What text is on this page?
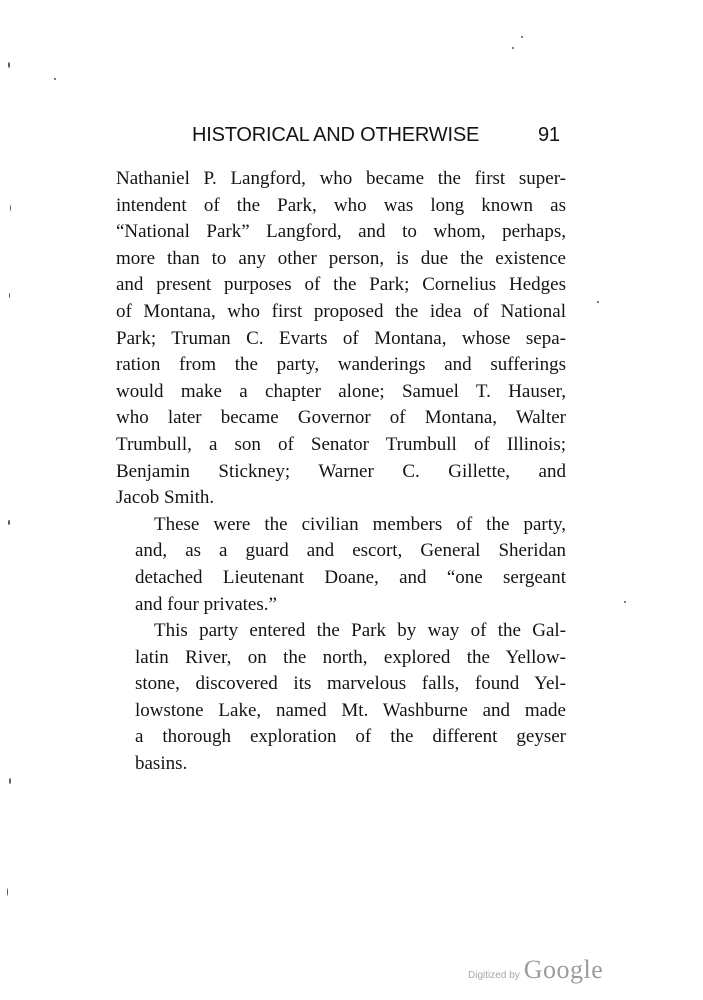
HISTORICAL AND OTHERWISE	91

Nathaniel P. Langford, who became the first super-
intendent of the Park, who was long known as
“National Park” Langford, and to whom, perhaps,
more than to any other person, is due the existence
and present purposes of the Park; Cornelius Hedges
of Montana, who first proposed the idea of National
Park; Truman C. Evarts of Montana, whose sepa-
ration from the party, wanderings and sufferings
would make a chapter alone; Samuel T. Hauser,
who later became Governor of Montana, Walter
Trumbull, a son of Senator Trumbull of Illinois;
Benjamin Stickney; Warner C. Gillette, and
Jacob Smith.

These were the civilian members of the party,
and, as a guard and escort, General Sheridan
detached Lieutenant Doane, and “one sergeant
and four privates.”

This party entered the Park by way of the Gal-
latin River, on the north, explored the Yellow-
stone, discovered its marvelous falls, found Yel-
lowstone Lake, named Mt. Washburne and made
a thorough exploration of the different geyser
basins.

Digitized by Google
